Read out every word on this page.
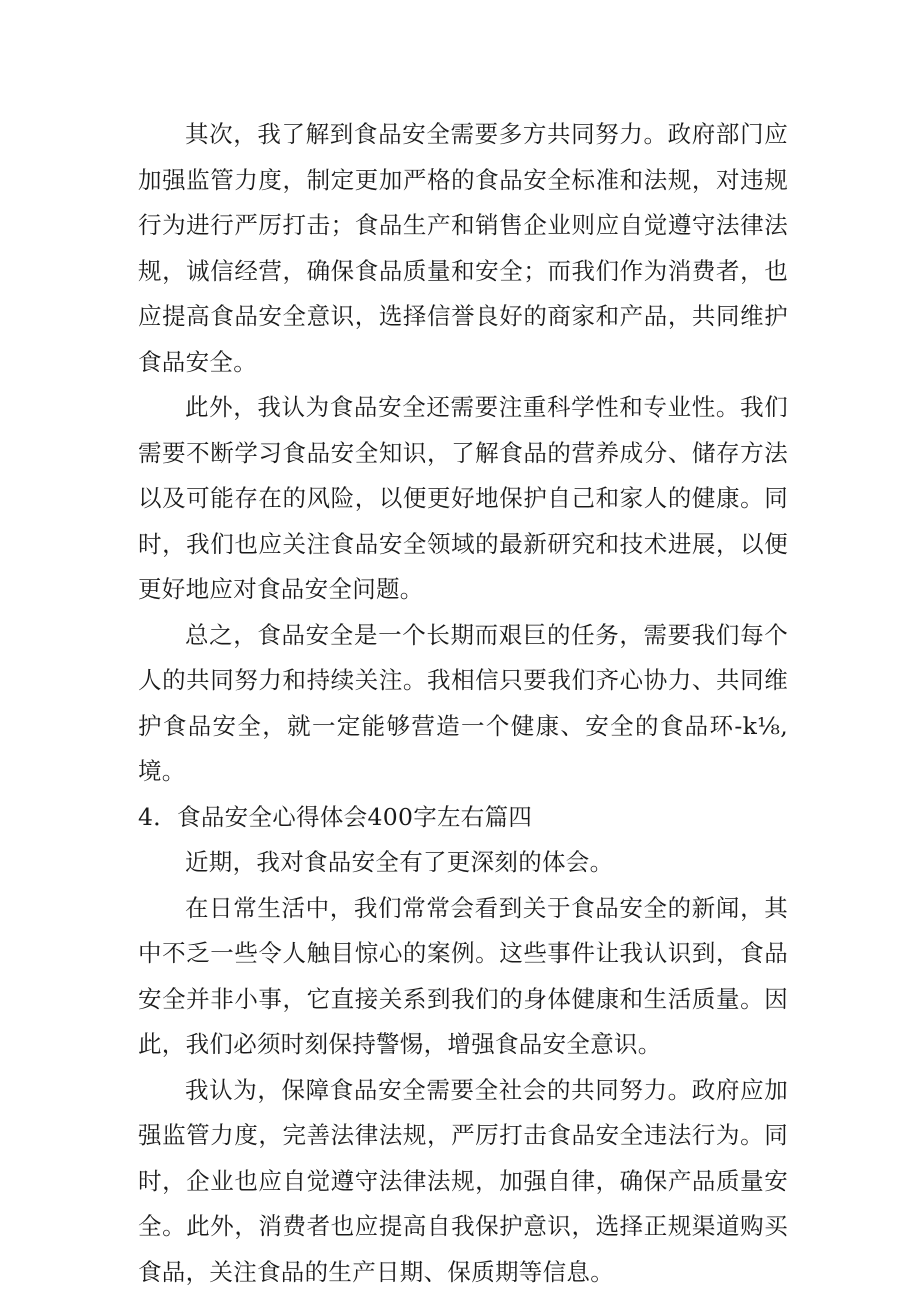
其次，我了解到食品安全需要多方共同努力。政府部门应加强监管力度，制定更加严格的食品安全标准和法规，对违规行为进行严厉打击；食品生产和销售企业则应自觉遵守法律法规，诚信经营，确保食品质量和安全；而我们作为消费者，也应提高食品安全意识，选择信誉良好的商家和产品，共同维护食品安全。

此外，我认为食品安全还需要注重科学性和专业性。我们需要不断学习食品安全知识，了解食品的营养成分、储存方法以及可能存在的风险，以便更好地保护自己和家人的健康。同时，我们也应关注食品安全领域的最新研究和技术进展，以便更好地应对食品安全问题。

总之，食品安全是一个长期而艰巨的任务，需要我们每个人的共同努力和持续关注。我相信只要我们齐心协力、共同维护食品安全，就一定能够营造一个健康、安全的食品环-k⅛,境。

4．食品安全心得体会400字左右篇四

近期，我对食品安全有了更深刻的体会。

在日常生活中，我们常常会看到关于食品安全的新闻，其中不乏一些令人触目惊心的案例。这些事件让我认识到，食品安全并非小事，它直接关系到我们的身体健康和生活质量。因此，我们必须时刻保持警惕，增强食品安全意识。

我认为，保障食品安全需要全社会的共同努力。政府应加强监管力度，完善法律法规，严厉打击食品安全违法行为。同时，企业也应自觉遵守法律法规，加强自律，确保产品质量安全。此外，消费者也应提高自我保护意识，选择正规渠道购买食品，关注食品的生产日期、保质期等信息。
